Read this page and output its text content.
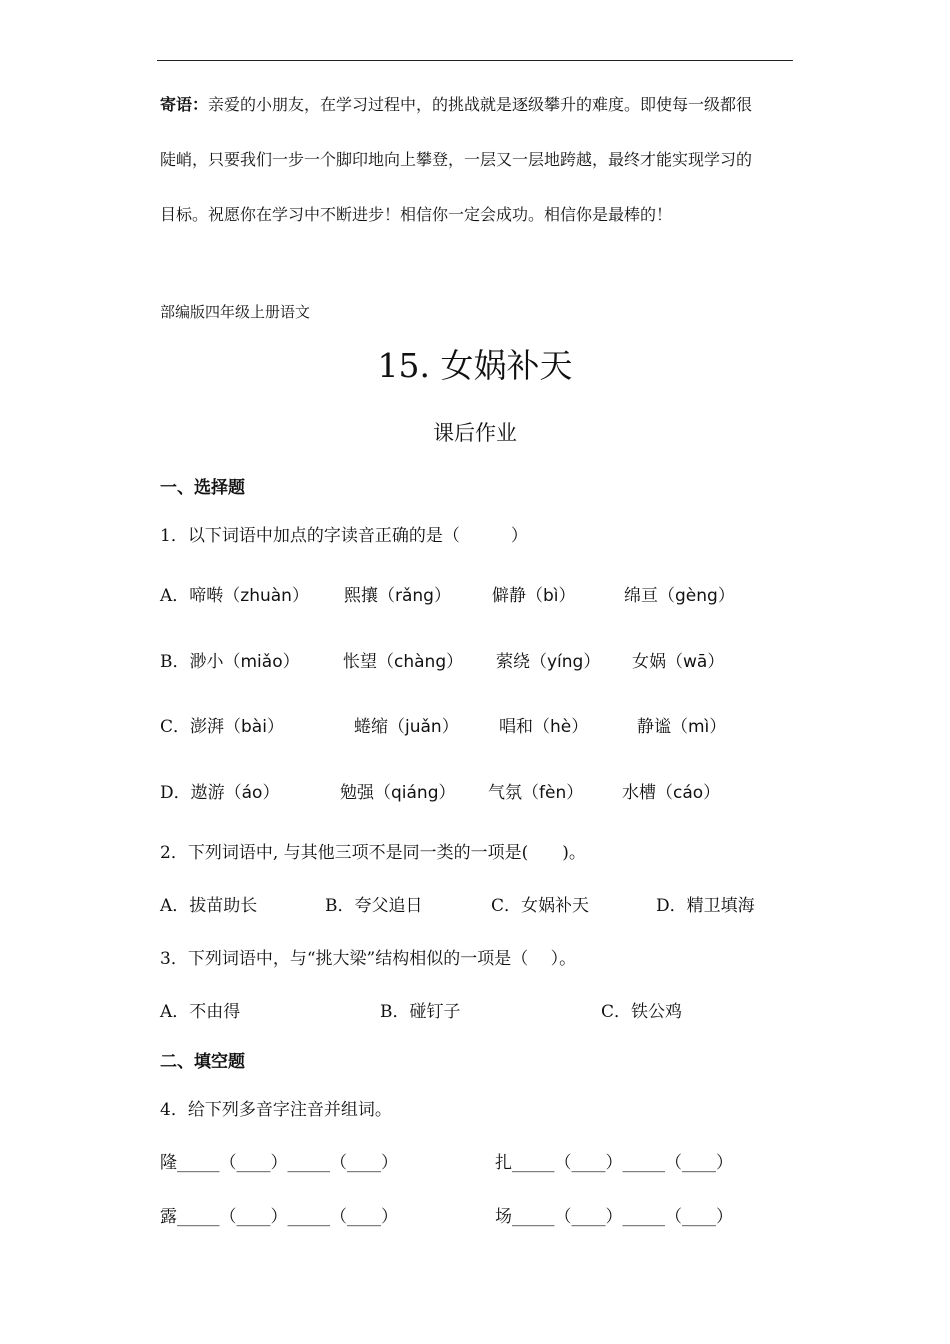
寄语：亲爱的小朋友，在学习过程中，的挑战就是逐级攀升的难度。即使每一级都很
陡峭，只要我们一步一个脚印地向上攀登，一层又一层地跨越，最终才能实现学习的
目标。祝愿你在学习中不断进步！相信你一定会成功。相信你是最棒的！
部编版四年级上册语文
15. 女娲补天
课后作业
一、选择题
1．以下词语中加点的字读音正确的是（　　　）
A．啼啭（zhuàn） 熙攘（rǎng） 僻静（bì）	绵亘（gèng）
B．渺小（miǎo）	怅望（chàng） 萦绕（yíng） 女娲（wā）
C．澎湃（bài）	蜷缩（juǎn） 唱和（hè）	静谧（mì）
D．遨游（áo）	勉强（qiáng） 气氛（fèn） 水槽（cáo）
2．下列词语中, 与其他三项不是同一类的一项是(　　)。
A．拔苗助长	B．夸父追日	C．女娲补天	D．精卫填海
3．下列词语中，与“挑大梁”结构相似的一项是（　 ）。
A．不由得	B．碰钉子	C．铁公鸡
二、填空题
4．给下列多音字注音并组词。
隆_____（____）_____（____）	扎_____（____）_____（____）
露_____（____）_____（____）	场_____（____）_____（____）
